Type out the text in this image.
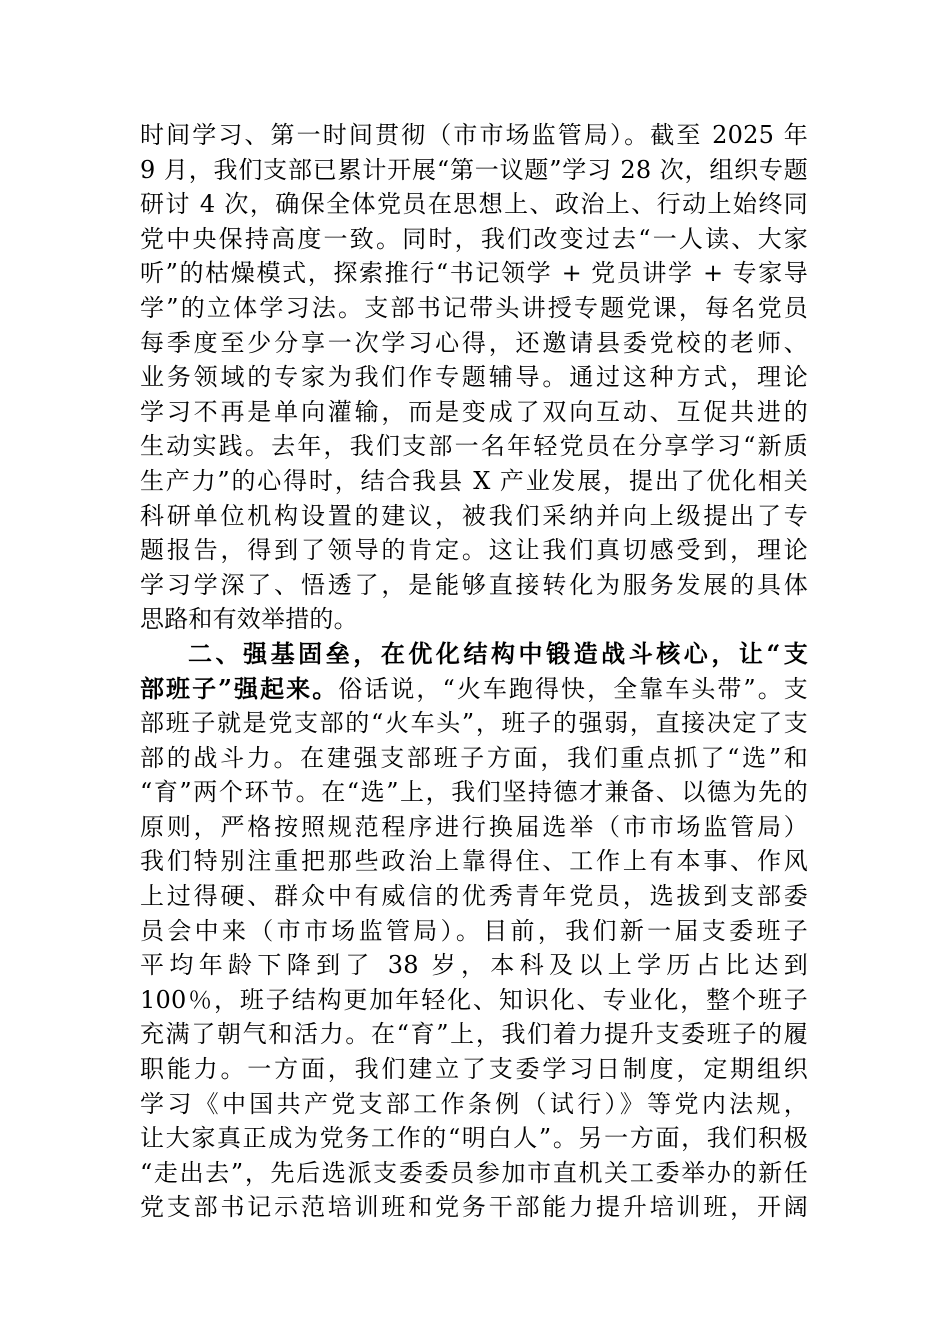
时间学习、第一时间贯彻（市市场监管局）。截至 2025 年
9 月，我们支部已累计开展“第一议题”学习 28 次，组织专题
研讨 4 次，确保全体党员在思想上、政治上、行动上始终同
党中央保持高度一致。同时，我们改变过去“一人读、大家
听”的枯燥模式，探索推行“书记领学 + 党员讲学 + 专家导
学”的立体学习法。支部书记带头讲授专题党课，每名党员
每季度至少分享一次学习心得，还邀请县委党校的老师、
业务领域的专家为我们作专题辅导。通过这种方式，理论
学习不再是单向灌输，而是变成了双向互动、互促共进的
生动实践。去年，我们支部一名年轻党员在分享学习“新质
生产力”的心得时，结合我县 X 产业发展，提出了优化相关
科研单位机构设置的建议，被我们采纳并向上级提出了专
题报告，得到了领导的肯定。这让我们真切感受到，理论
学习学深了、悟透了，是能够直接转化为服务发展的具体
思路和有效举措的。
二、强基固垒，在优化结构中锻造战斗核心，让“支
部班子”强起来。俗话说，“火车跑得快，全靠车头带”。支
部班子就是党支部的“火车头”，班子的强弱，直接决定了支
部的战斗力。在建强支部班子方面，我们重点抓了“选”和
“育”两个环节。在“选”上，我们坚持德才兼备、以德为先的
原则，严格按照规范程序进行换届选举（市市场监管局）
我们特别注重把那些政治上靠得住、工作上有本事、作风
上过得硬、群众中有威信的优秀青年党员，选拔到支部委
员会中来（市市场监管局）。目前，我们新一届支委班子
平均年龄下降到了 38 岁，本科及以上学历占比达到
100％，班子结构更加年轻化、知识化、专业化，整个班子
充满了朝气和活力。在“育”上，我们着力提升支委班子的履
职能力。一方面，我们建立了支委学习日制度，定期组织
学习《中国共产党支部工作条例（试行）》等党内法规，
让大家真正成为党务工作的“明白人”。另一方面，我们积极
“走出去”，先后选派支委委员参加市直机关工委举办的新任
党支部书记示范培训班和党务干部能力提升培训班，开阔
